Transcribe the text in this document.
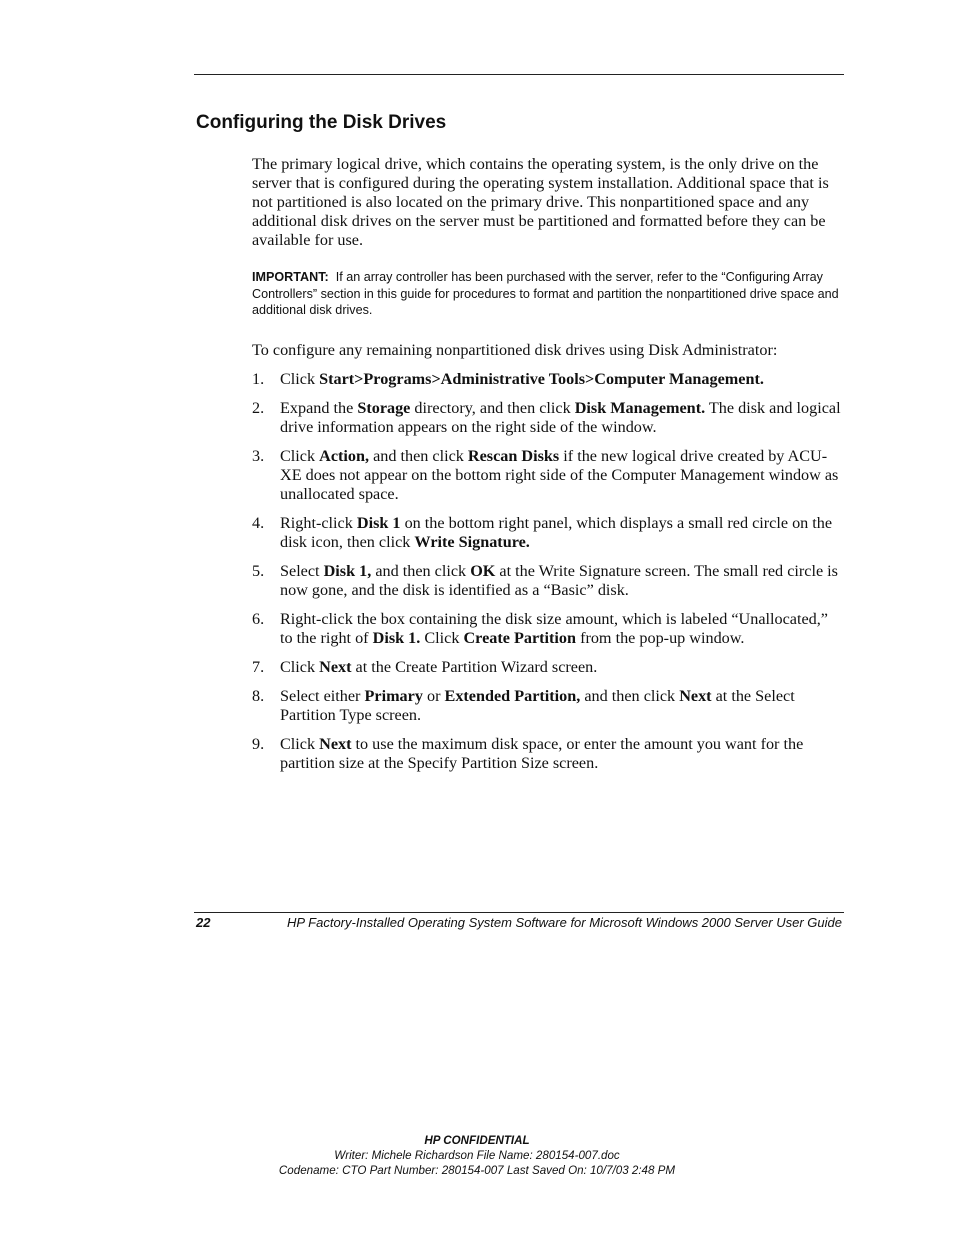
Configuring the Disk Drives

The primary logical drive, which contains the operating system, is the only drive on the server that is configured during the operating system installation. Additional space that is not partitioned is also located on the primary drive. This nonpartitioned space and any additional disk drives on the server must be partitioned and formatted before they can be available for use.

IMPORTANT: If an array controller has been purchased with the server, refer to the “Configuring Array Controllers” section in this guide for procedures to format and partition the nonpartitioned drive space and additional disk drives.

To configure any remaining nonpartitioned disk drives using Disk Administrator:

1. Click Start>Programs>Administrative Tools>Computer Management.
2. Expand the Storage directory, and then click Disk Management. The disk and logical drive information appears on the right side of the window.
3. Click Action, and then click Rescan Disks if the new logical drive created by ACU-XE does not appear on the bottom right side of the Computer Management window as unallocated space.
4. Right-click Disk 1 on the bottom right panel, which displays a small red circle on the disk icon, then click Write Signature.
5. Select Disk 1, and then click OK at the Write Signature screen. The small red circle is now gone, and the disk is identified as a “Basic” disk.
6. Right-click the box containing the disk size amount, which is labeled “Unallocated,” to the right of Disk 1. Click Create Partition from the pop-up window.
7. Click Next at the Create Partition Wizard screen.
8. Select either Primary or Extended Partition, and then click Next at the Select Partition Type screen.
9. Click Next to use the maximum disk space, or enter the amount you want for the partition size at the Specify Partition Size screen.
22	HP Factory-Installed Operating System Software for Microsoft Windows 2000 Server User Guide
HP CONFIDENTIAL
Writer: Michele Richardson File Name: 280154-007.doc
Codename: CTO Part Number: 280154-007 Last Saved On: 10/7/03 2:48 PM
